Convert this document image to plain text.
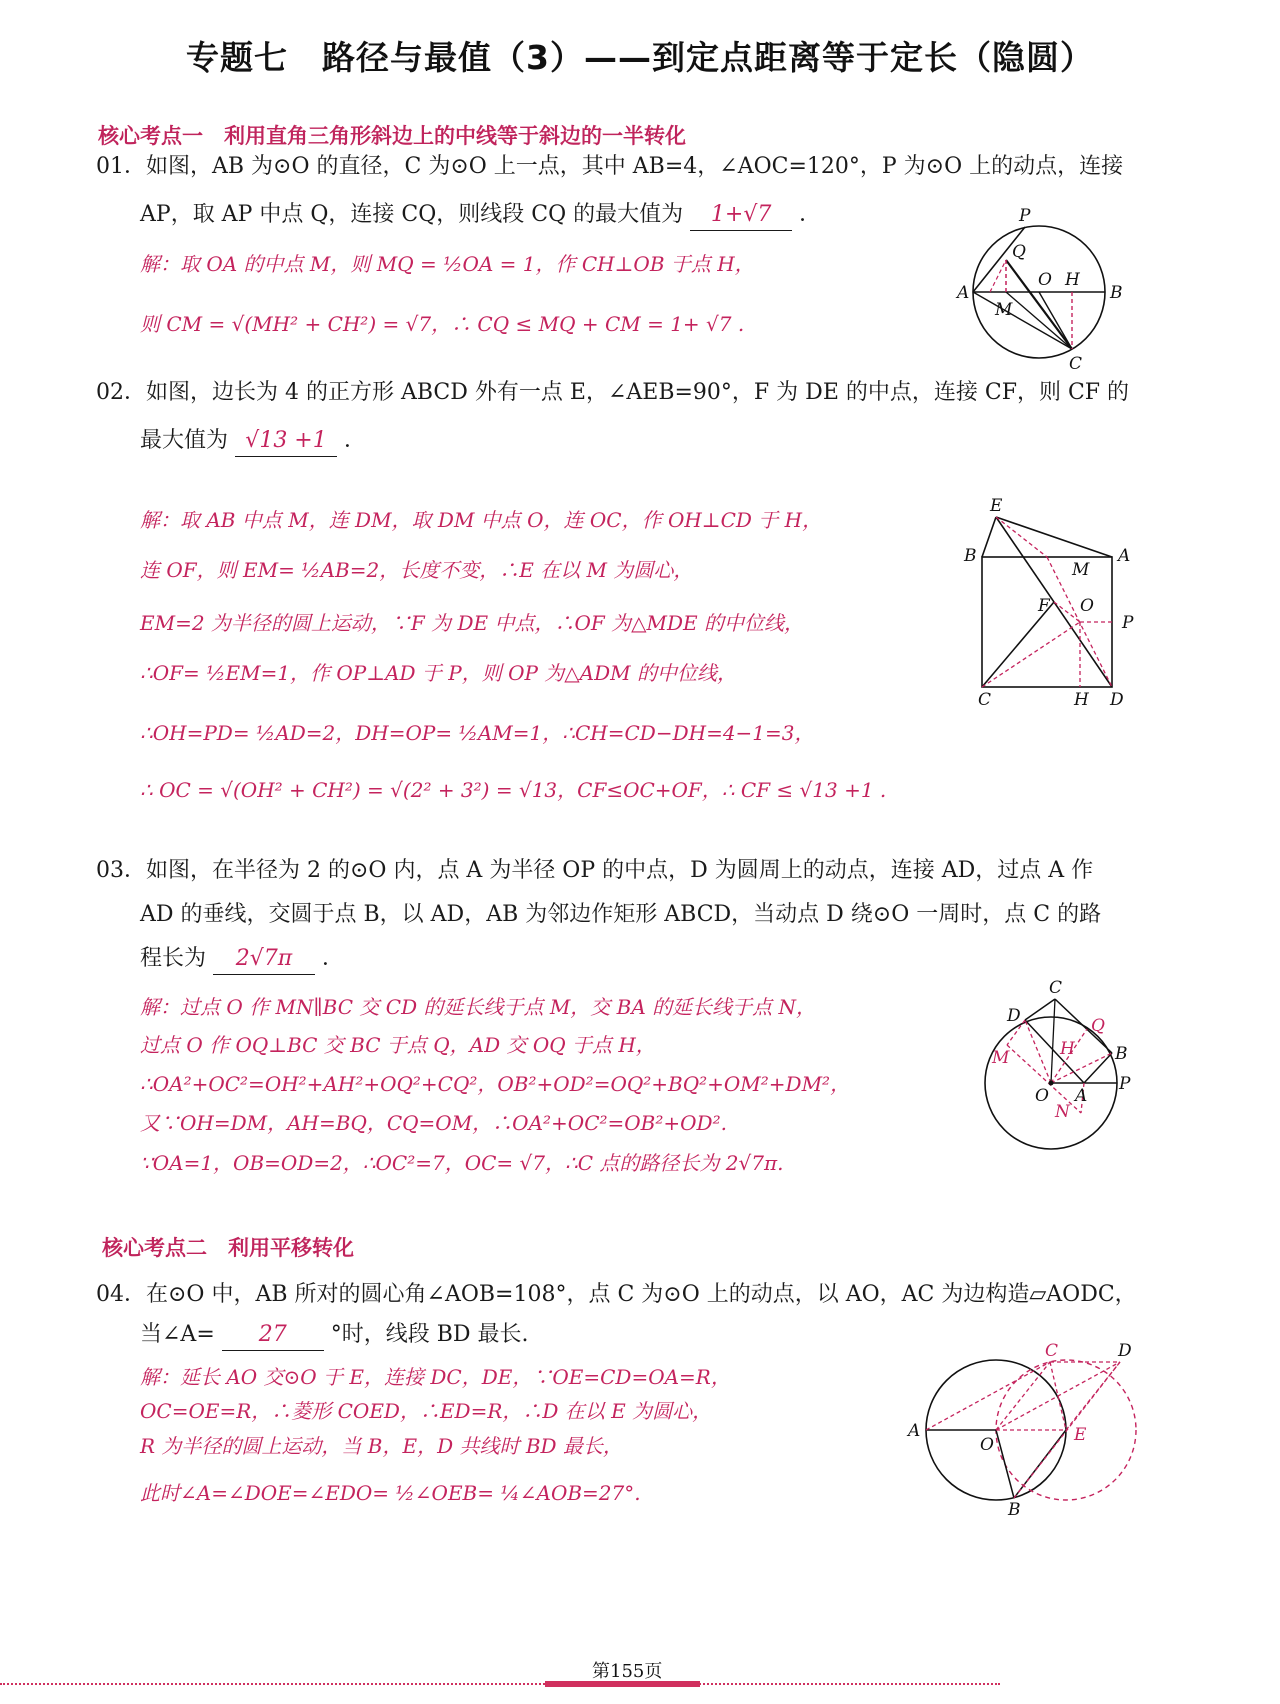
专题七　路径与最值（3）——到定点距离等于定长（隐圆）
核心考点一　利用直角三角形斜边上的中线等于斜边的一半转化
01．如图，AB 为⊙O 的直径，C 为⊙O 上一点，其中 AB=4，∠AOC=120°，P 为⊙O 上的动点，连接
AP，取 AP 中点 Q，连接 CQ，则线段 CQ 的最大值为 1+√7 ．
解：取 OA 的中点 M，则 MQ = ½OA = 1，作 CH⊥OB 于点 H，
则 CM = √(MH² + CH²) = √7，∴ CQ ≤ MQ + CM = 1+ √7 .
P
Q
O H
A	B
M
C
02．如图，边长为 4 的正方形 ABCD 外有一点 E，∠AEB=90°，F 为 DE 的中点，连接 CF，则 CF 的
最大值为 √13 +1 ．
解：取 AB 中点 M，连 DM，取 DM 中点 O，连 OC，作 OH⊥CD 于 H，
连 OF，则 EM= ½AB=2，长度不变，∴E 在以 M 为圆心，
EM=2 为半径的圆上运动，∵F 为 DE 中点，∴OF 为△MDE 的中位线，
∴OF= ½EM=1，作 OP⊥AD 于 P，则 OP 为△ADM 的中位线，
∴OH=PD= ½AD=2，DH=OP= ½AM=1，∴CH=CD−DH=4−1=3，
∴ OC = √(OH² + CH²) = √(2² + 3²) = √13，CF≤OC+OF，∴ CF ≤ √13 +1 .
E
B	A
M
F O
P
C	H D
03．如图，在半径为 2 的⊙O 内，点 A 为半径 OP 的中点，D 为圆周上的动点，连接 AD，过点 A 作
AD 的垂线，交圆于点 B，以 AD，AB 为邻边作矩形 ABCD，当动点 D 绕⊙O 一周时，点 C 的路
程长为 2√7π ．
解：过点 O 作 MN∥BC 交 CD 的延长线于点 M，交 BA 的延长线于点 N，
过点 O 作 OQ⊥BC 交 BC 于点 Q，AD 交 OQ 于点 H，
∴OA²+OC²=OH²+AH²+OQ²+CQ²，OB²+OD²=OQ²+BQ²+OM²+DM²，
又∵OH=DM，AH=BQ，CQ=OM，∴OA²+OC²=OB²+OD².
∵OA=1，OB=OD=2，∴OC²=7，OC= √7，∴C 点的路径长为 2√7π.
C
D	Q
H B
M
O A
P
N
核心考点二　利用平移转化
04．在⊙O 中，AB 所对的圆心角∠AOB=108°，点 C 为⊙O 上的动点，以 AO，AC 为边构造▱AODC，
当∠A= 27 °时，线段 BD 最长.
解：延长 AO 交⊙O 于 E，连接 DC，DE，∵OE=CD=OA=R，
OC=OE=R，∴菱形 COED，∴ED=R，∴D 在以 E 为圆心，
R 为半径的圆上运动，当 B，E，D 共线时 BD 最长，
此时∠A=∠DOE=∠EDO= ½∠OEB= ¼∠AOB=27°.
C	D
A
O	E
B
第155页
